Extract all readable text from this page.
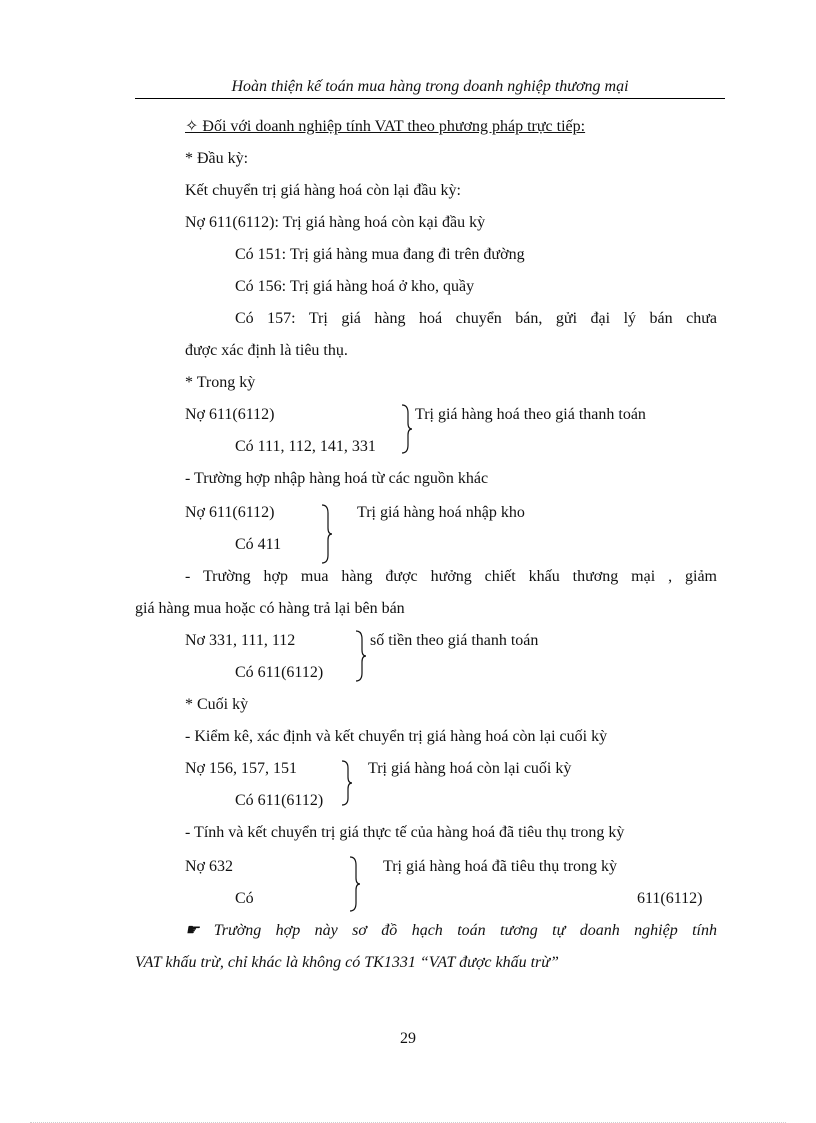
Hoàn thiện kế toán mua hàng trong doanh nghiệp thương mại
✧ Đối với doanh nghiệp tính VAT theo phương pháp trực tiếp:
* Đầu kỳ:
Kết chuyển trị giá hàng hoá còn lại đầu kỳ:
Nợ 611(6112): Trị giá hàng hoá còn kại đầu kỳ
Có 151: Trị giá hàng mua đang đi trên đường
Có 156: Trị giá hàng hoá ở kho, quầy
Có 157: Trị giá hàng hoá chuyển bán, gửi đại lý bán chưa
được xác định là tiêu thụ.
* Trong kỳ
Nợ 611(6112)	Trị giá hàng hoá theo giá thanh toán
Có 111, 112, 141, 331
- Trường hợp nhập hàng hoá từ các nguồn khác
Nợ 611(6112)	Trị giá hàng hoá nhập kho
Có 411
- Trường hợp mua hàng được hưởng chiết khấu thương mại , giảm
giá hàng mua hoặc có hàng trả lại bên bán
Nơ 331, 111, 112	số tiền theo giá thanh toán
Có 611(6112)
* Cuối kỳ
- Kiểm kê, xác định và kết chuyển trị giá hàng hoá còn lại cuối kỳ
Nợ 156, 157, 151	Trị giá hàng hoá còn lại cuối kỳ
Có 611(6112)
- Tính và kết chuyển trị giá thực tế của hàng hoá đã tiêu thụ trong kỳ
Nợ 632	Trị giá hàng hoá đã tiêu thụ trong kỳ
Có	611(6112)
☛ Trường hợp này sơ đồ hạch toán tương tự doanh nghiệp tính
VAT khấu trừ, chỉ khác là không có TK1331 “VAT được khấu trừ”
29
